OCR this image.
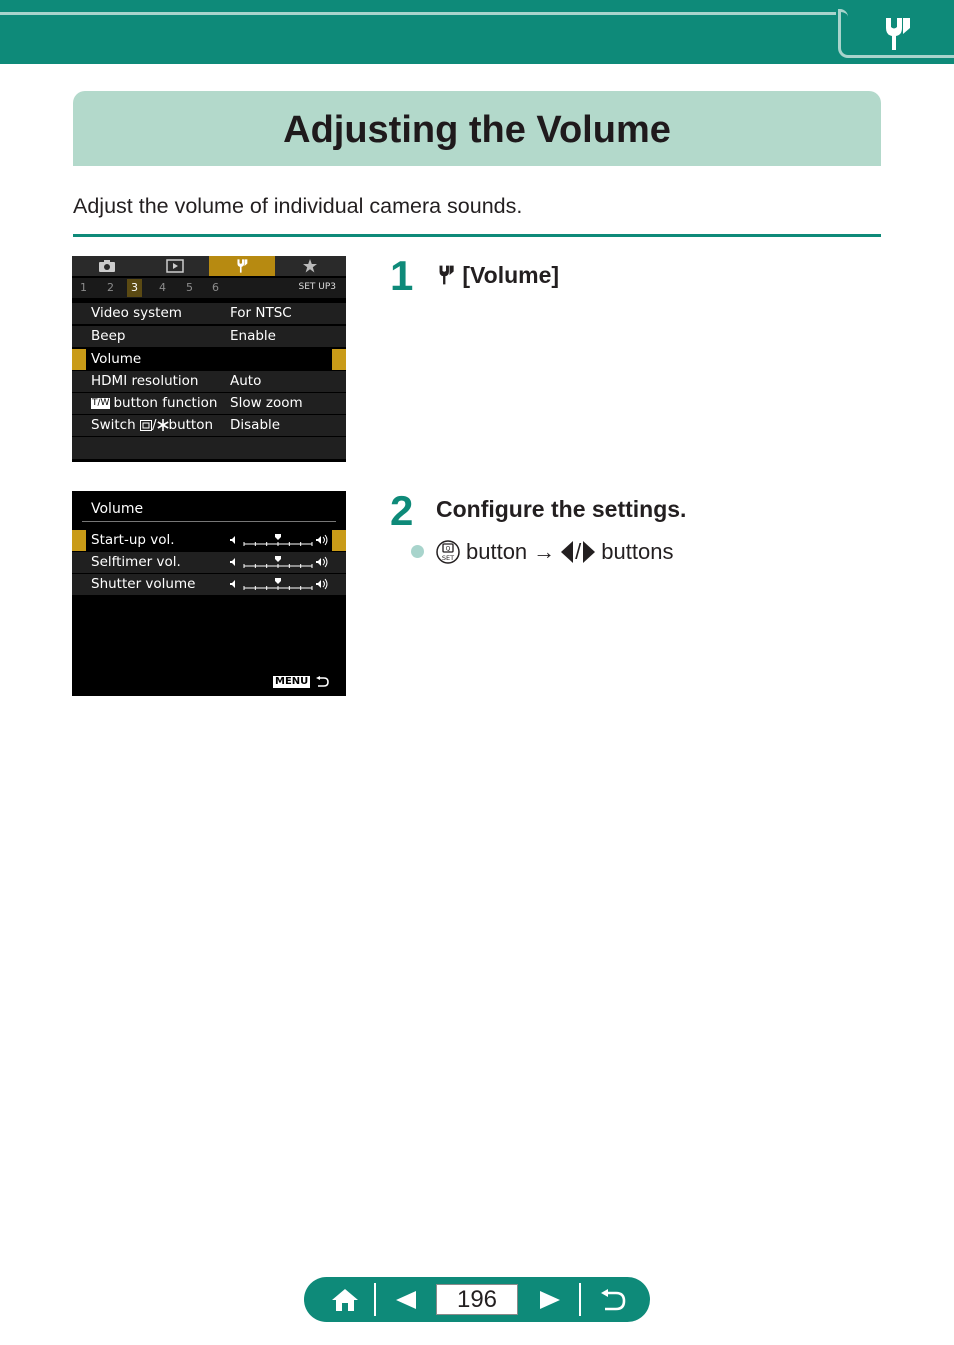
Adjusting the Volume
Adjust the volume of individual camera sounds.
1 2	3	4 5 6	SET UP3
Video system	For NTSC
Beep	Enable
Volume
HDMI resolution Auto
T/W button function Slow zoom
Switch / button Disable
Volume
Start-up vol.
Selftimer vol.
Shutter volume
MENU
1	[Volume]
2 Configure the settings.
Q
SET button → / buttons
196
